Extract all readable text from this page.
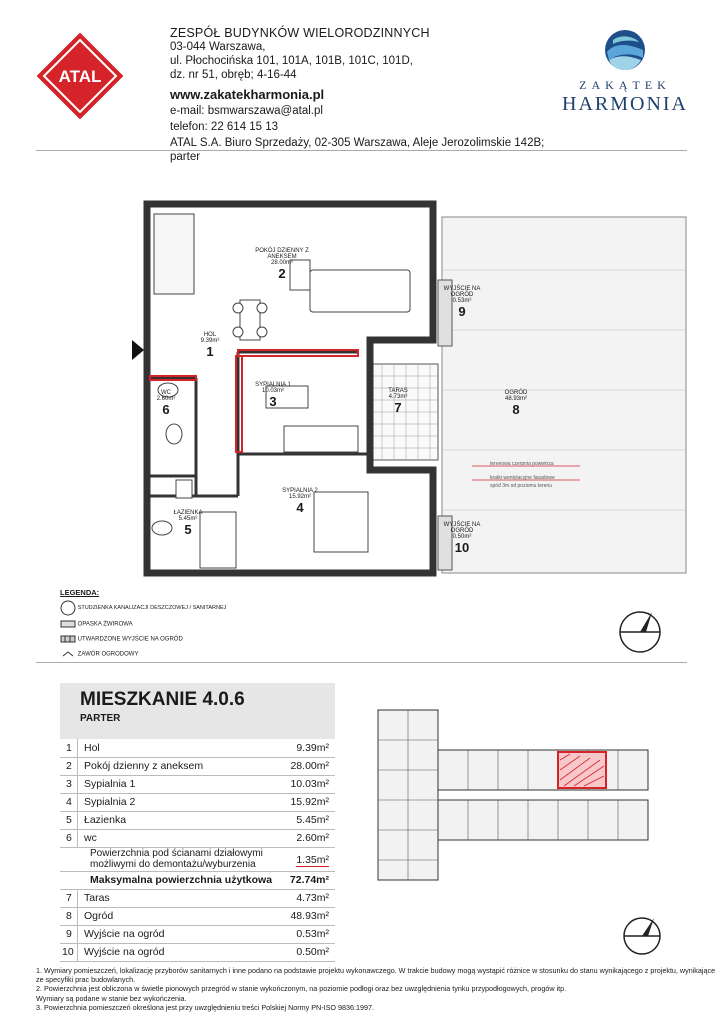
ATAL
ZESPÓŁ BUDYNKÓW WIELORODZINNYCH
03-044 Warszawa,
ul. Płochocińska 101, 101A, 101B, 101C, 101D,
dz. nr 51, obręb; 4-16-44
www.zakatekharmonia.pl
e-mail: bsmwarszawa@atal.pl
telefon: 22 614 15 13
ATAL S.A. Biuro Sprzedaży, 02-305 Warszawa, Aleje Jerozolimskie 142B; parter
ZAKĄTEK
HARMONIA
POKÓJ DZIENNY Z ANEKSEM
28.00m²
2
HOL
9.39m²
1
SYPIALNIA 1
10.03m²
3
WC
2.60m²
6
TARAS
4.73m²
7
OGRÓD
48.93m²
8
WYJŚCIE NA OGRÓD
0.53m²
9
SYPIALNIA 2
15.92m²
4
ŁAZIENKA
5.45m²
5	WYJŚCIE NA OGRÓD
0.50m²
10
terenowa czerpnia powietrza
kratki wentylacyjne fasadowe
spód 3m od poziomu terenu
LEGENDA:
STUDZIENKA KANALIZACJI DESZCZOWEJ / SANITARNEJ
OPASKA ŻWIROWA
UTWARDZONE WYJŚCIE NA OGRÓD
ZAWÓR OGRODOWY
MIESZKANIE 4.0.6
PARTER
1 Hol	9.39m²
2 Pokój dzienny z aneksem	28.00m²
3 Sypialnia 1	10.03m²
4 Sypialnia 2	15.92m²
5 Łazienka	5.45m²
6 wc	2.60m²
Powierzchnia pod ścianami działowymi
możliwymi do demontażu/wyburzenia	1.35m²
Maksymalna powierzchnia użytkowa 72.74m²
7 Taras	4.73m²
8 Ogród	48.93m²
9 Wyjście na ogród	0.53m²
10 Wyjście na ogród	0.50m²
1. Wymiary pomieszczeń, lokalizację przyborów sanitarnych i inne podano na podstawie projektu wykonawczego. W trakcie budowy mogą wystąpić różnice w stosunku do stanu wynikającego z projektu, wynikające ze specyfiki prac budowlanych.
2. Powierzchnia jest obliczona w świetle pionowych przegród w stanie wykończonym, na poziomie podłogi oraz bez uwzględnienia tynku przypodłogowych, progów itp.
Wymiary są podane w stanie bez wykończenia.
3. Powierzchnia pomieszczeń określona jest przy uwzględnieniu treści Polskiej Normy PN-ISO 9836:1997.
